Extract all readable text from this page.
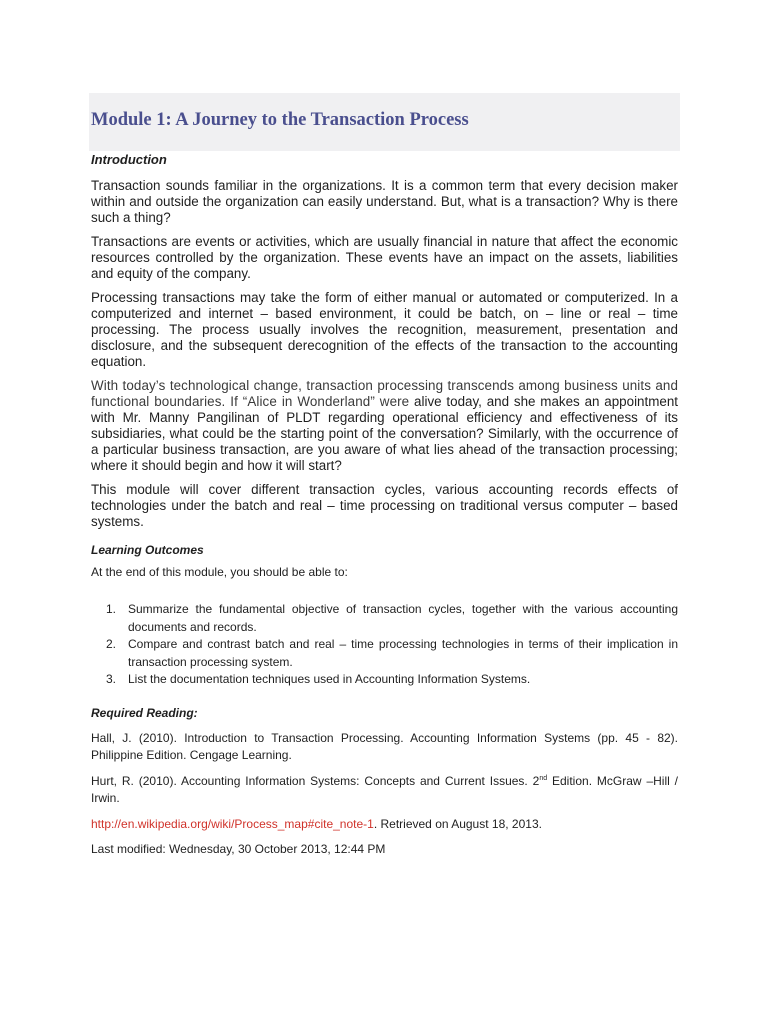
Module 1: A Journey to the Transaction Process
Introduction

Transaction sounds familiar in the organizations. It is a common term that every decision maker within and outside the organization can easily understand. But, what is a transaction? Why is there such a thing?

Transactions are events or activities, which are usually financial in nature that affect the economic resources controlled by the organization. These events have an impact on the assets, liabilities and equity of the company.

Processing transactions may take the form of either manual or automated or computerized. In a computerized and internet – based environment, it could be batch, on – line or real – time processing. The process usually involves the recognition, measurement, presentation and disclosure, and the subsequent derecognition of the effects of the transaction to the accounting equation.

With today’s technological change, transaction processing transcends among business units and functional boundaries. If “Alice in Wonderland” were alive today, and she makes an appointment with Mr. Manny Pangilinan of PLDT regarding operational efficiency and effectiveness of its subsidiaries, what could be the starting point of the conversation? Similarly, with the occurrence of a particular business transaction, are you aware of what lies ahead of the transaction processing; where it should begin and how it will start?

This module will cover different transaction cycles, various accounting records effects of technologies under the batch and real – time processing on traditional versus computer – based systems.

Learning Outcomes

At the end of this module, you should be able to:

1. Summarize the fundamental objective of transaction cycles, together with the various accounting documents and records.
2. Compare and contrast batch and real – time processing technologies in terms of their implication in transaction processing system.
3. List the documentation techniques used in Accounting Information Systems.
Required Reading:

Hall, J. (2010). Introduction to Transaction Processing. Accounting Information Systems (pp. 45 - 82). Philippine Edition. Cengage Learning.

Hurt, R. (2010). Accounting Information Systems: Concepts and Current Issues. 2nd Edition. McGraw –Hill / Irwin.

http://en.wikipedia.org/wiki/Process_map#cite_note-1. Retrieved on August 18, 2013.

Last modified: Wednesday, 30 October 2013, 12:44 PM
